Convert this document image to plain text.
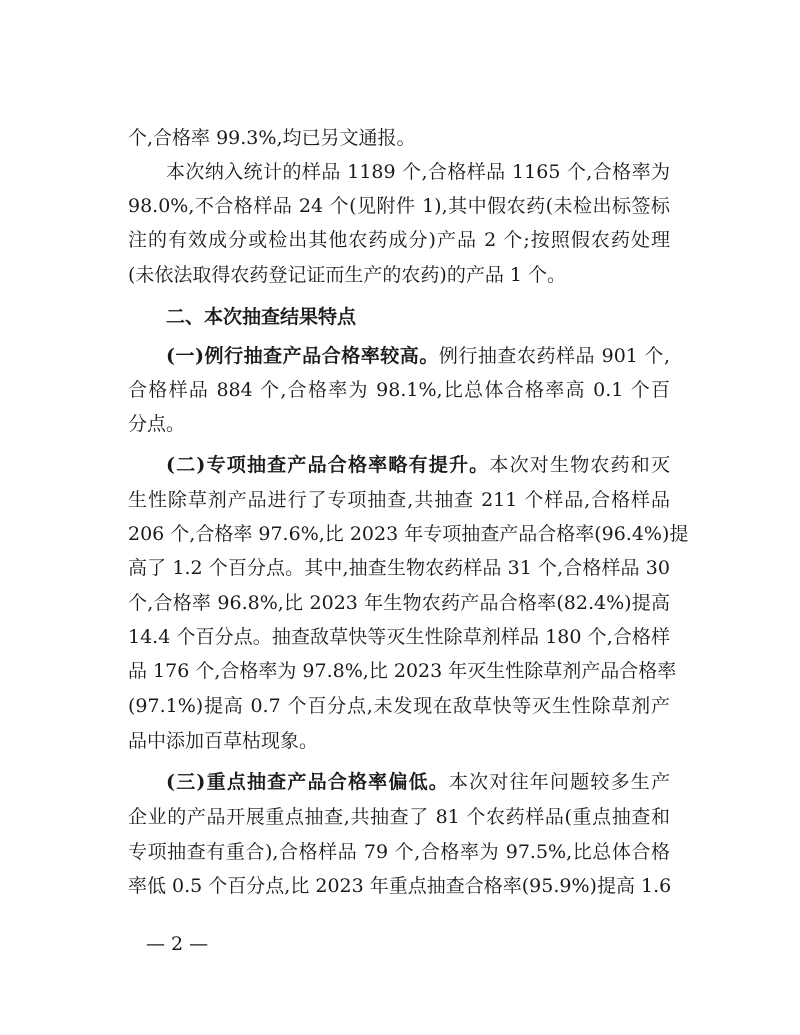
个,合格率 99.3%,均已另文通报。
本次纳入统计的样品 1189 个,合格样品 1165 个,合格率为
98.0%,不合格样品 24 个(见附件 1),其中假农药(未检出标签标
注的有效成分或检出其他农药成分)产品 2 个;按照假农药处理
(未依法取得农药登记证而生产的农药)的产品 1 个。
二、本次抽查结果特点
(一)例行抽查产品合格率较高。例行抽查农药样品 901 个,
合格样品 884 个,合格率为 98.1%,比总体合格率高 0.1 个百
分点。
(二)专项抽查产品合格率略有提升。本次对生物农药和灭
生性除草剂产品进行了专项抽查,共抽查 211 个样品,合格样品
206 个,合格率 97.6%,比 2023 年专项抽查产品合格率(96.4%)提
高了 1.2 个百分点。其中,抽查生物农药样品 31 个,合格样品 30
个,合格率 96.8%,比 2023 年生物农药产品合格率(82.4%)提高
14.4 个百分点。抽查敌草快等灭生性除草剂样品 180 个,合格样
品 176 个,合格率为 97.8%,比 2023 年灭生性除草剂产品合格率
(97.1%)提高 0.7 个百分点,未发现在敌草快等灭生性除草剂产
品中添加百草枯现象。
(三)重点抽查产品合格率偏低。本次对往年问题较多生产
企业的产品开展重点抽查,共抽查了 81 个农药样品(重点抽查和
专项抽查有重合),合格样品 79 个,合格率为 97.5%,比总体合格
率低 0.5 个百分点,比 2023 年重点抽查合格率(95.9%)提高 1.6
— 2 —
